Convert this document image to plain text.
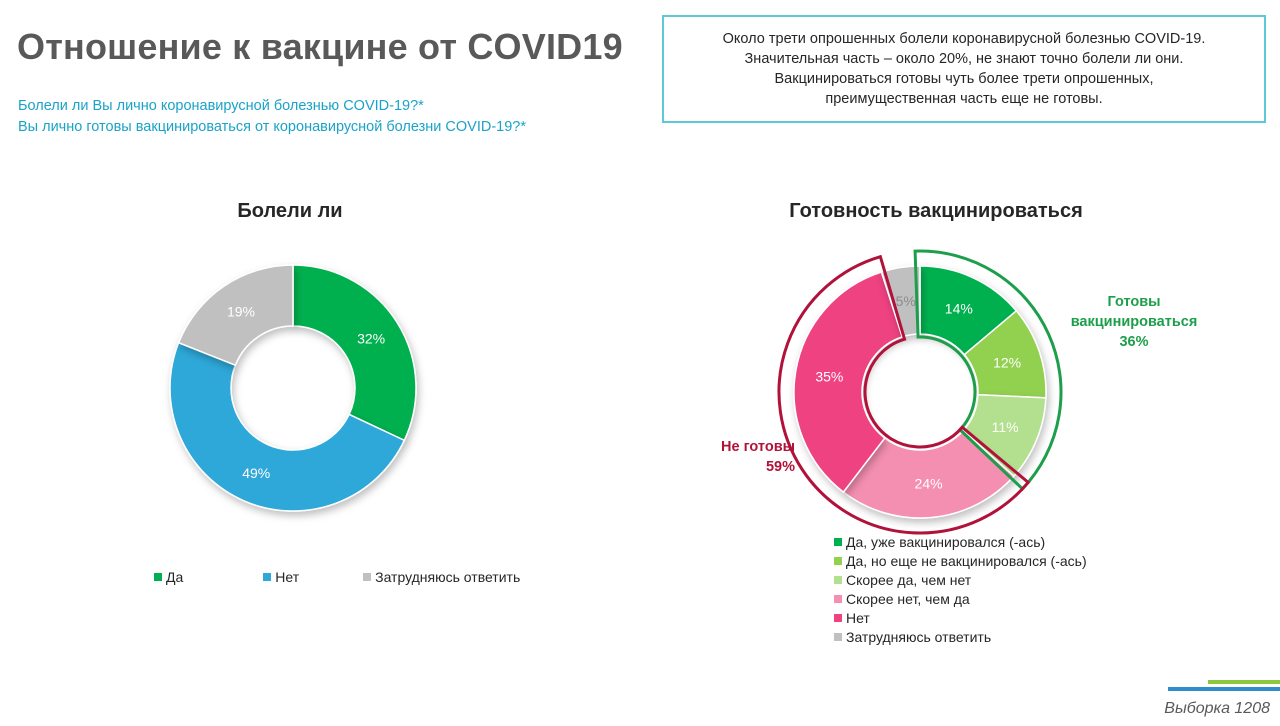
Отношение к вакцине от COVID19
Болели ли Вы лично коронавирусной болезнью COVID-19?*
Вы лично готовы вакцинироваться от коронавирусной болезни COVID-19?*
Около трети опрошенных болели коронавирусной болезнью COVID-19.
Значительная часть – около 20%, не знают точно болели ли они.
Вакцинироваться готовы чуть более трети опрошенных,
преимущественная часть еще не готовы.
Болели ли	Готовность вакцинироваться
32%
49%
19%	14%
12%
11%
24%
35%
5%
Да	Нет	Затрудняюсь ответить
Да, уже вакцинировался (-ась)
Да, но еще не вакцинировался (-ась)
Скорее да, чем нет
Скорее нет, чем да
Нет
Затрудняюсь ответить
Выборка 1208
Готовы вакцинироваться
36%
Не готовы
59%
